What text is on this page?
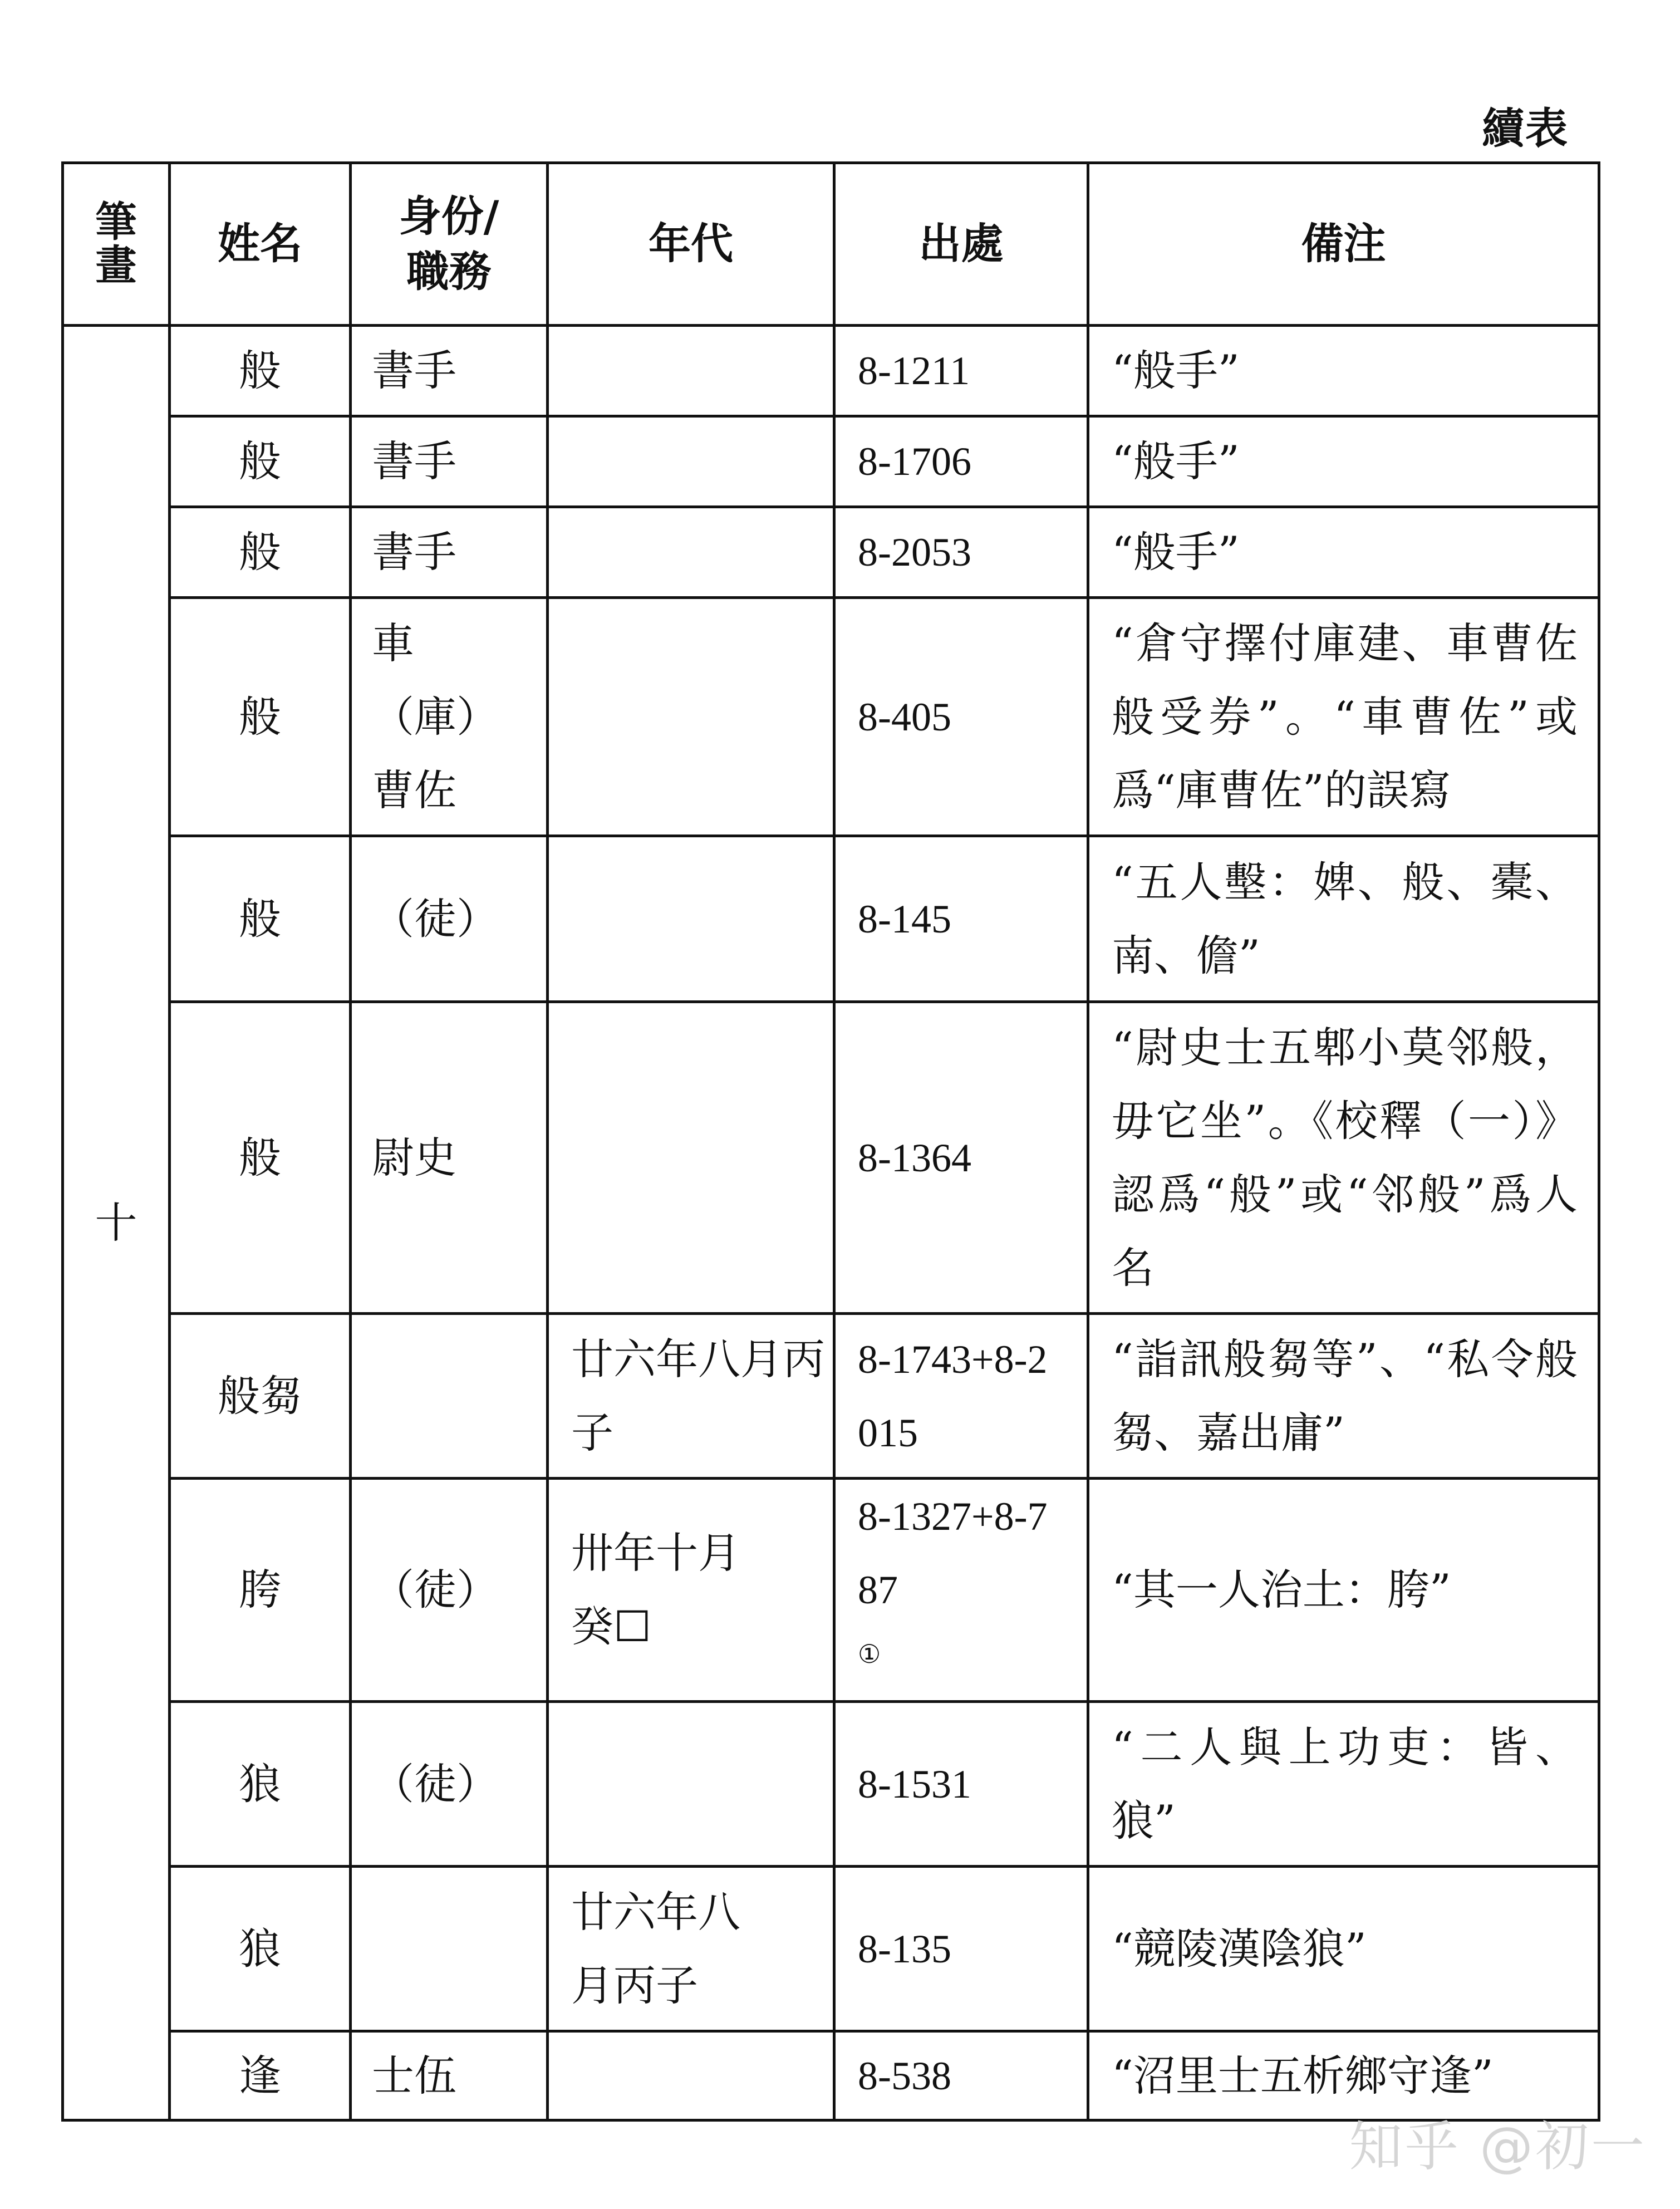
續表
筆畫	姓名	身份/職務	年代	出處	備注
十	般	書手		8-1211	“般手”
	般	書手		8-1706	“般手”
	般	書手		8-2053	“般手”
	般	車（庫）曹佐		8-405	“倉守擇付庫建、車曹佐般受券”。“車曹佐”或爲“庫曹佐”的誤寫
	般	（徒）		8-145	“五人墼：婢、般、橐、南、儋”
	般	尉史		8-1364	“尉史士五郫小莫邻般，毋它坐”。《校釋（一）》認爲“般”或“邻般”爲人名
	般芻		廿六年八月丙子	8-1743+8-2015	“詣訊般芻等”、“私令般芻、嘉出庸”
	胯	（徒）	卅年十月癸☐	8-1327+8-787①	“其一人治土：胯”
	狼	（徒）		8-1531	“二人與上功吏：皆、狼”
	狼		廿六年八月丙子	8-135	“競陵漢陰狼”
	逢	士伍		8-538	“沼里士五析鄉守逢”
知乎 @初一
